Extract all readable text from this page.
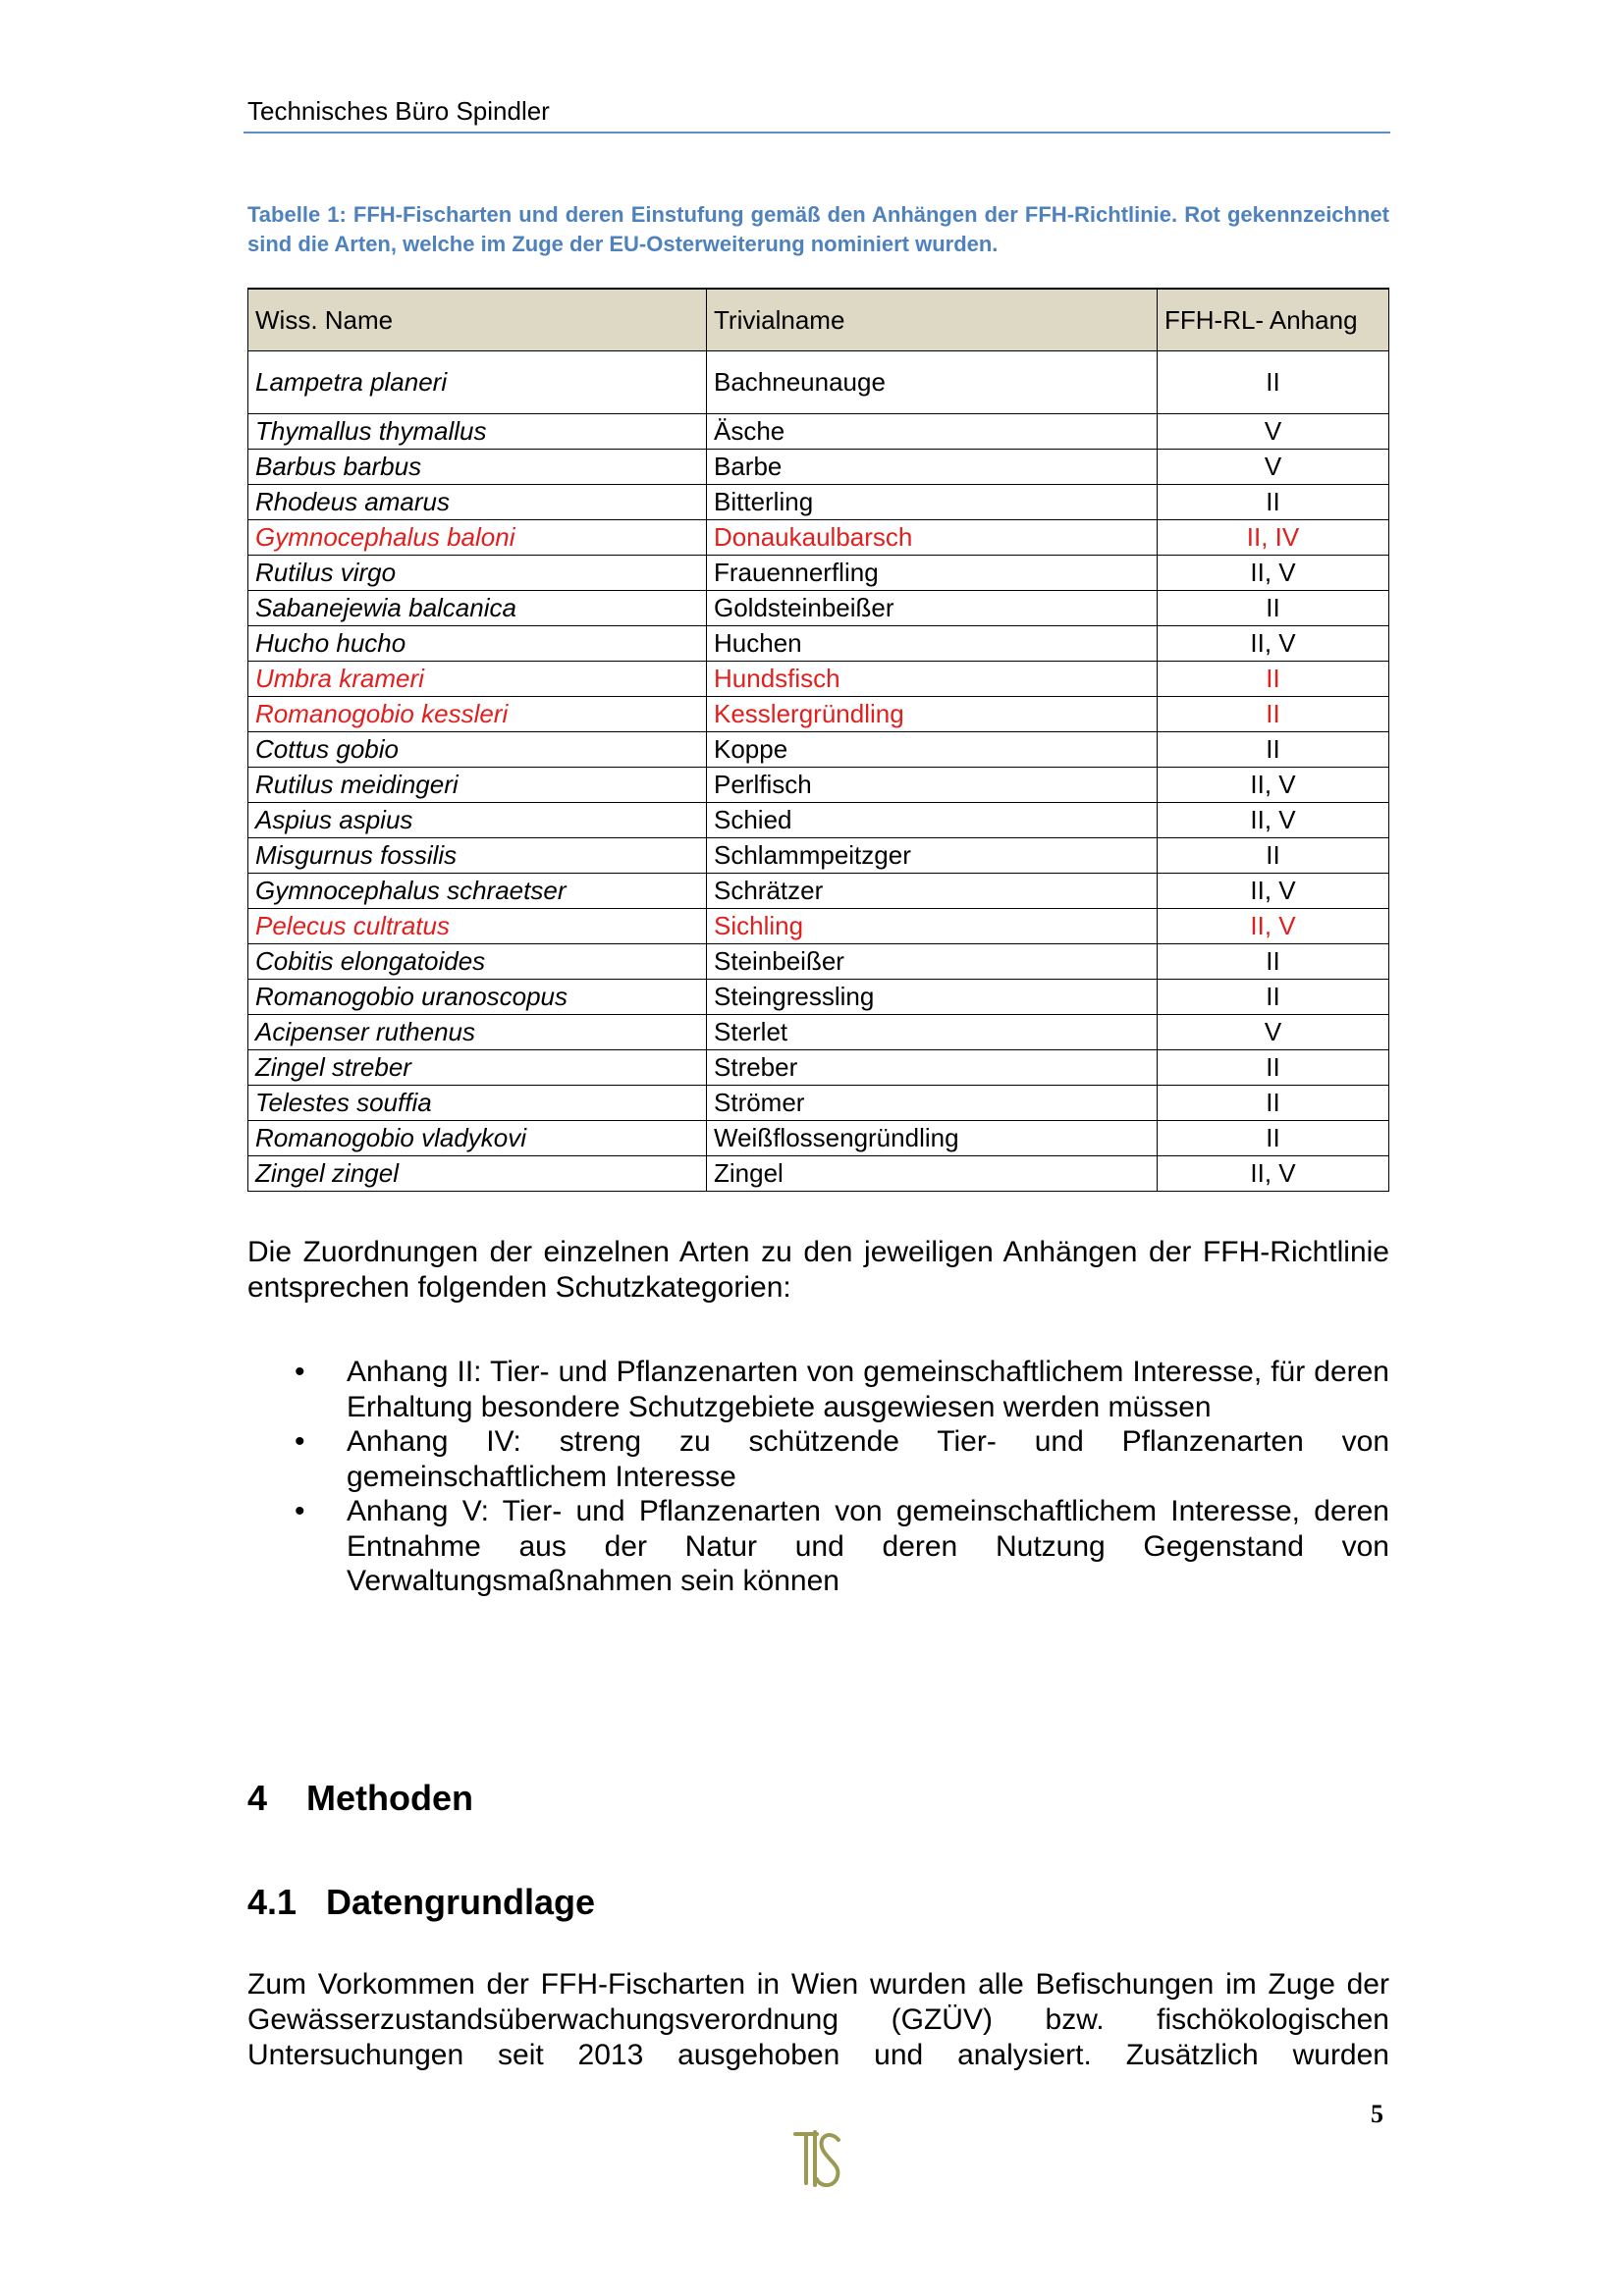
Technisches Büro Spindler
Tabelle 1: FFH-Fischarten und deren Einstufung gemäß den Anhängen der FFH-Richtlinie. Rot gekennzeichnet sind die Arten, welche im Zuge der EU-Osterweiterung nominiert wurden.
Wiss. Name	Trivialname	FFH-RL- Anhang
Lampetra planeri	Bachneunauge	II
Thymallus thymallus	Äsche	V
Barbus barbus	Barbe	V
Rhodeus amarus	Bitterling	II
Gymnocephalus baloni	Donaukaulbarsch	II, IV
Rutilus virgo	Frauennerfling	II, V
Sabanejewia balcanica	Goldsteinbeißer	II
Hucho hucho	Huchen	II, V
Umbra krameri	Hundsfisch	II
Romanogobio kessleri	Kesslergründling	II
Cottus gobio	Koppe	II
Rutilus meidingeri	Perlfisch	II, V
Aspius aspius	Schied	II, V
Misgurnus fossilis	Schlammpeitzger	II
Gymnocephalus schraetser	Schrätzer	II, V
Pelecus cultratus	Sichling	II, V
Cobitis elongatoides	Steinbeißer	II
Romanogobio uranoscopus	Steingressling	II
Acipenser ruthenus	Sterlet	V
Zingel streber	Streber	II
Telestes souffia	Strömer	II
Romanogobio vladykovi	Weißflossengründling	II
Zingel zingel	Zingel	II, V
Die Zuordnungen der einzelnen Arten zu den jeweiligen Anhängen der FFH-Richtlinie entsprechen folgenden Schutzkategorien:
• Anhang II: Tier- und Pflanzenarten von gemeinschaftlichem Interesse, für deren Erhaltung besondere Schutzgebiete ausgewiesen werden müssen
• Anhang IV: streng zu schützende Tier- und Pflanzenarten von gemeinschaftlichem Interesse
• Anhang V: Tier- und Pflanzenarten von gemeinschaftlichem Interesse, deren Entnahme aus der Natur und deren Nutzung Gegenstand von Verwaltungsmaßnahmen sein können
4 Methoden
4.1 Datengrundlage
Zum Vorkommen der FFH-Fischarten in Wien wurden alle Befischungen im Zuge der Gewässerzustandsüberwachungsverordnung (GZÜV) bzw. fischökologischen Untersuchungen seit 2013 ausgehoben und analysiert. Zusätzlich wurden
5
